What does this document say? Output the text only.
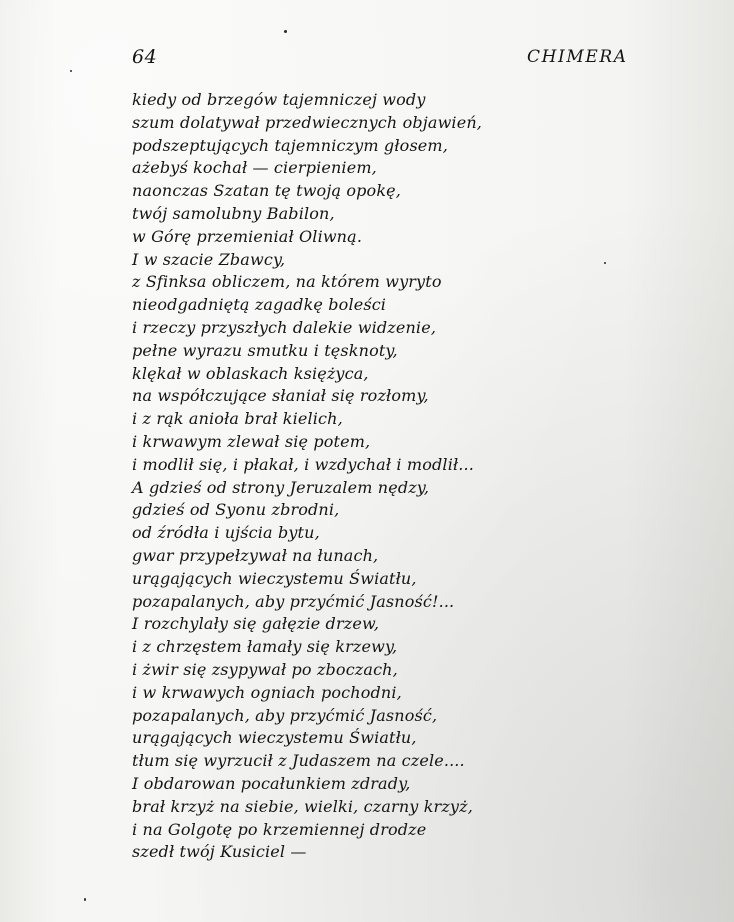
64	CHIMERA
kiedy od brzegów tajemniczej wody
szum dolatywał przedwiecznych objawień,
podszeptujących tajemniczym głosem,
ażebyś kochał — cierpieniem,
naonczas Szatan tę twoją opokę,
twój samolubny Babilon,
w Górę przemieniał Oliwną.
I w szacie Zbawcy,
z Sfinksa obliczem, na którem wyryto
nieodgadniętą zagadkę boleści
i rzeczy przyszłych dalekie widzenie,
pełne wyrazu smutku i tęsknoty,
klękał w oblaskach księżyca,
na współczujące słaniał się rozłomy,
i z rąk anioła brał kielich,
i krwawym zlewał się potem,
i modlił się, i płakał, i wzdychał i modlił...
A gdzieś od strony Jeruzalem nędzy,
gdzieś od Syonu zbrodni,
od źródła i ujścia bytu,
gwar przypełzywał na łunach,
urągających wieczystemu Światłu,
pozapalanych, aby przyćmić Jasność!...
I rozchylały się gałęzie drzew,
i z chrzęstem łamały się krzewy,
i żwir się zsypywał po zboczach,
i w krwawych ogniach pochodni,
pozapalanych, aby przyćmić Jasność,
urągających wieczystemu Światłu,
tłum się wyrzucił z Judaszem na czele....
I obdarowan pocałunkiem zdrady,
brał krzyż na siebie, wielki, czarny krzyż,
i na Golgotę po krzemiennej drodze
szedł twój Kusiciel —
